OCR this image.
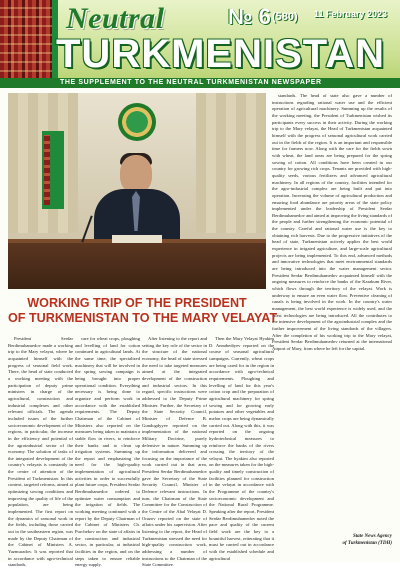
Neutral
TURKMENISTAN
№ 6 (580) 11 February 2023
THE SUPPLEMENT TO THE NEUTRAL TURKMENISTAN NEWSPAPER

standards. The head of state also gave a number of instructions regarding rational water use and the efficient operation of agricultural machinery. Summing up the results of the working meeting, the President of Turkmenistan wished its participants every success in their activity. During the working trip to the Mary velayat, the Head of Turkmenistan acquainted himself with the progress of seasonal agricultural work carried out in the fields of the region. It is an important and responsible time for farmers now. Along with the care for the fields sown with wheat, the land areas are being prepared for the spring sowing of cotton. All conditions have been created in our country for growing rich crops. Tenants are provided with high-quality seeds, various fertilizers and advanced agricultural machinery. In all regions of the country, facilities intended for the agro-industrial complex are being built and put into operation. Increasing the volume of agricultural production and ensuring food abundance are priority areas of the state policy implemented under the leadership of President Serdar Berdimuhamedov and aimed at improving the living standards of the people and further strengthening the economic potential of the country. Careful and rational water use is the key to obtaining rich harvests. Due to the progressive initiatives of the head of state, Turkmenistan actively applies the best world experience in irrigated agriculture, and large-scale agricultural projects are being implemented. To this end, advanced methods and innovative technologies that meet environmental standards are being introduced into the water management sector. President Serdar Berdimuhamedov acquainted himself with the ongoing measures to reinforce the banks of the Karakum River, which flows through the territory of the velayat. Work is underway to ensure an even water flow. Preventive cleaning of canals is being involved in the work. In the country's water management, the best world experience is widely used, and the latest technologies are being introduced. All the contributes to the intensive development of the agroindustrial complex and the further improvement of the living standards of the villagers. After the completion of his working trip to the Mary velayat, President Serdar Berdimuhamedov returned at the international Airport of Mary, from where he left for the capital.

WORKING TRIP OF THE PRESIDENT
OF TURKMENISTAN TO THE MARY VELAYAT

President Serdar Berdimuhamedov made a working trip to the Mary velayat, where he acquainted himself with the progress of seasonal field work. There, the head of state conducted a working meeting with the participation of deputy prime ministers in charge of the agricultural, construction and industrial complexes and other relevant officials. The agenda included issues of the further socioeconomic development of the regions, in particular, the increase in the efficiency and potential of the agroindustrial sector of the economy. The solution of tasks of the integrated development of the country's velayats is constantly in the centre of attention of the President of Turkmenistan. In this context, targeted reforms, aimed at optimizing sowing conditions and improving the quality of life of the population, are being implemented. The first report on the dynamics of seasonal work in the fields, including those carried out in the southeastern region, was made by the Deputy Chairman of the Cabinet of Ministers A. Yazmuradov. It was reported that in accordance with agro-technical standards,

care for wheat crops, ploughing and levelling of land for cotton continued in agricultural lands. At the same time, the specialized machinery that will be involved in the spring sowing campaign is being brought into proper operational condition. Everything necessary is being done to organize and perform work in accordance with the established requirements. The Deputy Chairman of the Cabinet of Ministers also reported on the measures being taken to maintain a stable flow in rivers, to reinforce their banks and to clean up irrigation systems. Summing up the report and emphasizing the need for the high-quality implementation of agricultural activities in order to successfully plant future crops, President Serdar Berdimuhamedov ordered to optimize water consumption and the irrigation of fields. The working meeting continued with a report by the Deputy Chairman of the Cabinet of Ministers Ch. Purchekov on the state of affairs in the construction and industrial sector, in particular, at industrial facilities in the region, and on the steps taken to ensure reliable energy supply.

After listening to the report and setting the key role of the sector in the structure of the national economy, the head of state stressed the need to take targeted measures aimed at the integrated development of the construction and industrial sectors. In this regard, specific instructions were addressed to the Deputy Prime Minister. Further, the Secretary of the State Security Council, Minister of Defence B. Gundogdyyev reported on the implementation of the national Military Doctrine, purely defensive in nature. Summing up the information delivered and focusing on the importance of the work carried out in that area, President Serdar Berdimuhamedov gave the Secretary of the State Security Council, Minister of Defence relevant instructions. In turn, the Chairman of the State Committee for the Construction of the Centre of the Ahal Velayat D. Orazov reported on the state of affairs under his supervision. After listening to the report, the Head of Turkmenistan stressed the need for high-quality construction work, addressing a number of instructions to the Chairman of the State Committee.

Then the Mary Velayat Hyakim D. Annabediyev reported on the course of seasonal agricultural campaigns. Currently, wheat crops are being cared for in the region in accordance with agro-technical requirements. Ploughing and levelling of land for this year's cotton crop and the preparation of agricultural machinery for spring sowing and for growing early potatoes and other vegetables and melon crops are being dynamically carried out. Along with this, it was reported on the ongoing hydrotechnical measures to reinforce the banks of the rivers crossing the territory of the velayat. The hyakim also reported on the measures taken for the high-quality and timely construction of facilities planned for construction in the velayat in accordance with the Programme of the country's socioeconomic development and the National Rural Programme. Speaking after the report, President Serdar Berdimuhamedov noted the pace and quality of the current field work are the key to a bountiful harvest, reiterating that it must be carried out in accordance with the established schedule and agricultural

State News Agency
of Turkmenistan (TDH)
